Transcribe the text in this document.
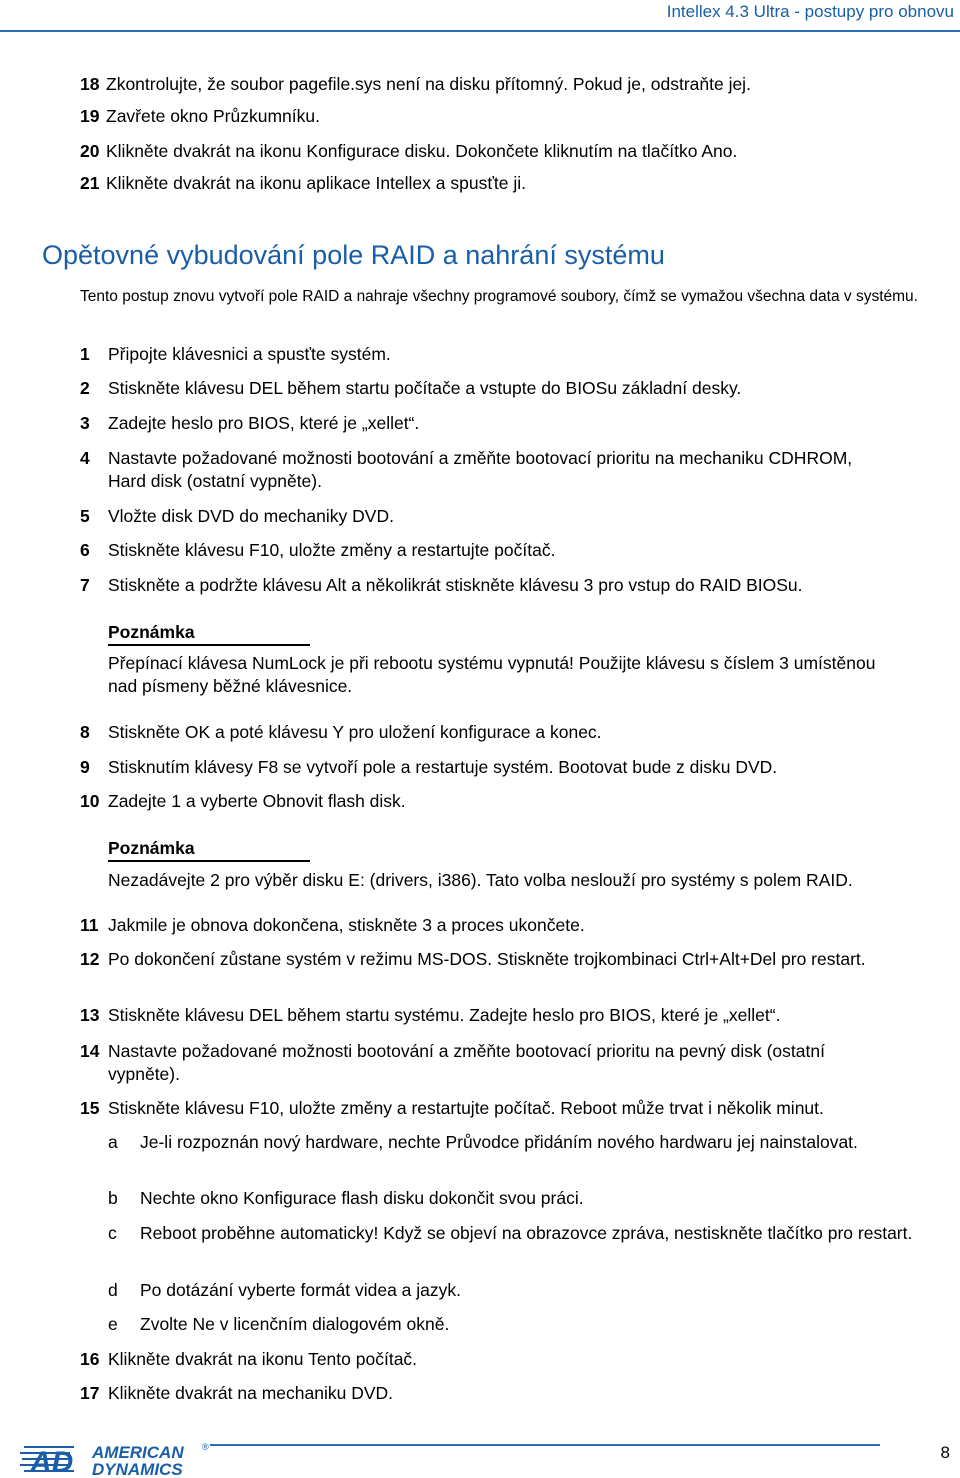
Intellex 4.3 Ultra - postupy pro obnovu
18 Zkontrolujte, že soubor pagefile.sys není na disku přítomný. Pokud je, odstraňte jej.
19 Zavřete okno Průzkumníku.
20 Klikněte dvakrát na ikonu Konfigurace disku. Dokončete kliknutím na tlačítko Ano.
21 Klikněte dvakrát na ikonu aplikace Intellex a spusťte ji.
Opětovné vybudování pole RAID a nahrání systému
Tento postup znovu vytvoří pole RAID a nahraje všechny programové soubory, čímž se vymažou všechna data v systému.
1 Připojte klávesnici a spusťte systém.
2 Stiskněte klávesu DEL během startu počítače a vstupte do BIOSu základní desky.
3 Zadejte heslo pro BIOS, které je „xellet“.
4 Nastavte požadované možnosti bootování a změňte bootovací prioritu na mechaniku CDHROM, Hard disk (ostatní vypněte).
5 Vložte disk DVD do mechaniky DVD.
6 Stiskněte klávesu F10, uložte změny a restartujte počítač.
7 Stiskněte a podržte klávesu Alt a několikrát stiskněte klávesu 3 pro vstup do RAID BIOSu.
Poznámka
Přepínací klávesa NumLock je při rebootu systému vypnutá! Použijte klávesu s číslem 3 umístěnou nad písmeny běžné klávesnice.
8 Stiskněte OK a poté klávesu Y pro uložení konfigurace a konec.
9 Stisknutím klávesy F8 se vytvoří pole a restartuje systém. Bootovat bude z disku DVD.
10 Zadejte 1 a vyberte Obnovit flash disk.
Poznámka
Nezadávejte 2 pro výběr disku E: (drivers, i386). Tato volba neslouží pro systémy s polem RAID.
11 Jakmile je obnova dokončena, stiskněte 3 a proces ukončete.
12 Po dokončení zůstane systém v režimu MS-DOS. Stiskněte trojkombinaci Ctrl+Alt+Del pro restart.
13 Stiskněte klávesu DEL během startu systému. Zadejte heslo pro BIOS, které je „xellet“.
14 Nastavte požadované možnosti bootování a změňte bootovací prioritu na pevný disk (ostatní vypněte).
15 Stiskněte klávesu F10, uložte změny a restartujte počítač. Reboot může trvat i několik minut.
a Je-li rozpoznán nový hardware, nechte Průvodce přidáním nového hardwaru jej nainstalovat.
b Nechte okno Konfigurace flash disku dokončit svou práci.
c Reboot proběhne automaticky! Když se objeví na obrazovce zpráva, nestiskněte tlačítko pro restart.
d Po dotázání vyberte formát videa a jazyk.
e Zvolte Ne v licenčním dialogovém okně.
16 Klikněte dvakrát na ikonu Tento počítač.
17 Klikněte dvakrát na mechaniku DVD.
AD AMERICAN
DYNAMICS
®	8
